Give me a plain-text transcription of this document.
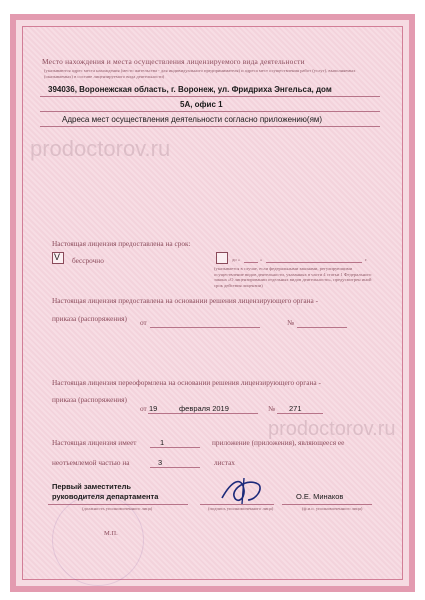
prodoctorov.ru
prodoctorov.ru
Место нахождения и места осуществления лицензируемого вида деятельности
(указываются адрес места нахождения (место жительства - для индивидуального предпринимателя) и адреса мест осуществления работ (услуг), выполняемых (оказываемых) в составе лицензируемого вида деятельности)
394036, Воронежская область, г. Воронеж, ул. Фридриха Энгельса, дом
5А, офис 1
Адреса мест осуществления деятельности согласно приложению(ям)
Настоящая лицензия предоставлена на срок:
V бессрочно	до «	»	г.
(указывается в случае, если федеральными законами, регулирующими осуществление видов деятельности, указанных в части 4 статьи 1 Федерального закона «О лицензировании отдельных видов деятельности», предусмотрен иной срок действия лицензии)
Настоящая лицензия предоставлена на основании решения лицензирующего органа -
приказа (распоряжения) от	№
Настоящая лицензия переоформлена на основании решения лицензирующего органа -
приказа (распоряжения)
от 19	февраля 2019	№ 271
Настоящая лицензия имеет	1	приложение (приложения), являющееся ее
неотъемлемой частью на	3	листах
Первый заместитель
руководителя департамента
(должность уполномоченного лица)	(подпись уполномоченного лица)
О.Е. Минаков
(ф.и.о. уполномоченного лица)
М.П.
